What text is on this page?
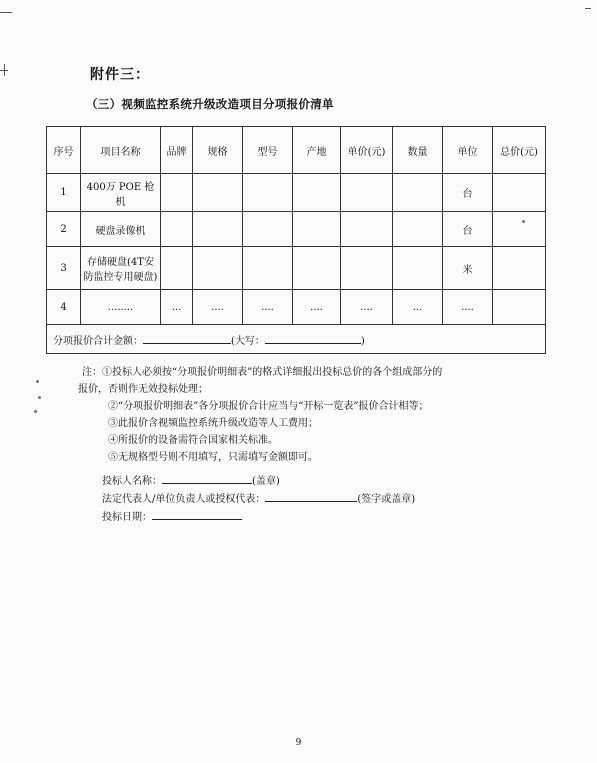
附件三：
（三）视频监控系统升级改造项目分项报价清单
序号	项目名称	品牌	规格	型号	产地	单价(元)	数量	单位	总价(元)
1	400万 POE 枪机							台	
2	硬盘录像机							台	
3	存储硬盘(4T安防监控专用硬盘)							米	
4	........	...	....	....	....	....	...	....	
分项报价合计金额： (大写： )									
注：①投标人必须按“分项报价明细表”的格式详细报出投标总价的各个组成部分的
报价，否则作无效投标处理；
②“分项报价明细表”各分项报价合计应当与“开标一览表”报价合计相等；
③此报价含视频监控系统升级改造等人工费用；
④所报价的设备需符合国家相关标准。
⑤无规格型号则不用填写，只需填写金额即可。
投标人名称：	(盖章)
法定代表人/单位负责人或授权代表：	(签字或盖章)
投标日期：
9
